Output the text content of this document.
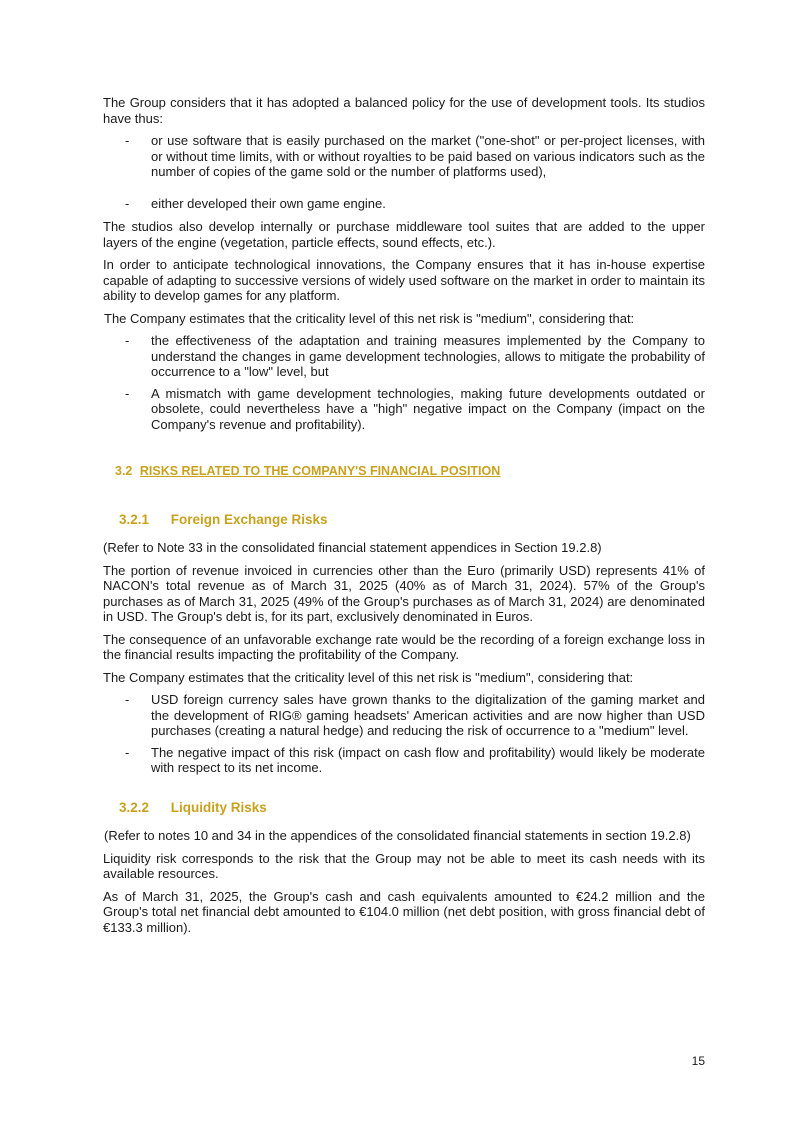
The Group considers that it has adopted a balanced policy for the use of development tools. Its studios have thus:

- or use software that is easily purchased on the market ("one-shot" or per-project licenses, with or without time limits, with or without royalties to be paid based on various indicators such as the number of copies of the game sold or the number of platforms used),
- either developed their own game engine.

The studios also develop internally or purchase middleware tool suites that are added to the upper layers of the engine (vegetation, particle effects, sound effects, etc.).

In order to anticipate technological innovations, the Company ensures that it has in-house expertise capable of adapting to successive versions of widely used software on the market in order to maintain its ability to develop games for any platform.

The Company estimates that the criticality level of this net risk is "medium", considering that:

- the effectiveness of the adaptation and training measures implemented by the Company to understand the changes in game development technologies, allows to mitigate the probability of occurrence to a "low" level, but
- A mismatch with game development technologies, making future developments outdated or obsolete, could nevertheless have a "high" negative impact on the Company (impact on the Company's revenue and profitability).
3.2 RISKS RELATED TO THE COMPANY'S FINANCIAL POSITION
3.2.1 Foreign Exchange Risks

(Refer to Note 33 in the consolidated financial statement appendices in Section 19.2.8)

The portion of revenue invoiced in currencies other than the Euro (primarily USD) represents 41% of NACON's total revenue as of March 31, 2025 (40% as of March 31, 2024). 57% of the Group's purchases as of March 31, 2025 (49% of the Group's purchases as of March 31, 2024) are denominated in USD. The Group's debt is, for its part, exclusively denominated in Euros.

The consequence of an unfavorable exchange rate would be the recording of a foreign exchange loss in the financial results impacting the profitability of the Company.

The Company estimates that the criticality level of this net risk is "medium", considering that:

- USD foreign currency sales have grown thanks to the digitalization of the gaming market and the development of RIG® gaming headsets' American activities and are now higher than USD purchases (creating a natural hedge) and reducing the risk of occurrence to a "medium" level.
- The negative impact of this risk (impact on cash flow and profitability) would likely be moderate with respect to its net income.
3.2.2 Liquidity Risks

(Refer to notes 10 and 34 in the appendices of the consolidated financial statements in section 19.2.8)

Liquidity risk corresponds to the risk that the Group may not be able to meet its cash needs with its available resources.

As of March 31, 2025, the Group's cash and cash equivalents amounted to €24.2 million and the Group's total net financial debt amounted to €104.0 million (net debt position, with gross financial debt of €133.3 million).

15
